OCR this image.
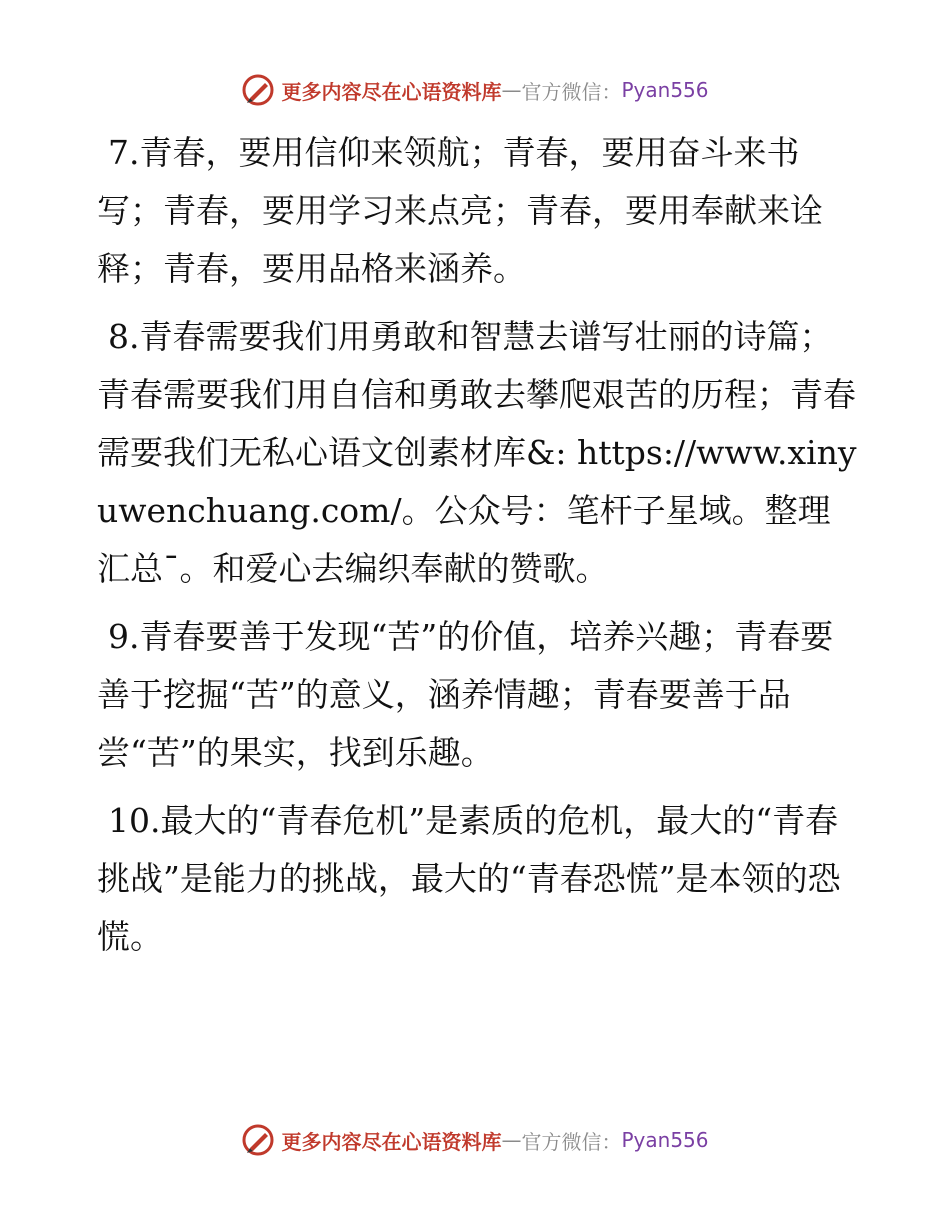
更多内容尽在心语资料库 — 官方微信： Pyan556

7.青春，要用信仰来领航；青春，要用奋斗来书写；青春，要用学习来点亮；青春，要用奉献来诠释；青春，要用品格来涵养。

8.青春需要我们用勇敢和智慧去谱写壮丽的诗篇；青春需要我们用自信和勇敢去攀爬艰苦的历程；青春需要我们无私心语文创素材库&: https://www.xinyuwenchuang.com/。公众号：笔杆子星域。整理汇总¯。和爱心去编织奉献的赞歌。

9.青春要善于发现“苦”的价值，培养兴趣；青春要善于挖掘“苦”的意义，涵养情趣；青春要善于品尝“苦”的果实，找到乐趣。

10.最大的“青春危机”是素质的危机，最大的“青春挑战”是能力的挑战，最大的“青春恐慌”是本领的恐慌。

更多内容尽在心语资料库 — 官方微信： Pyan556
